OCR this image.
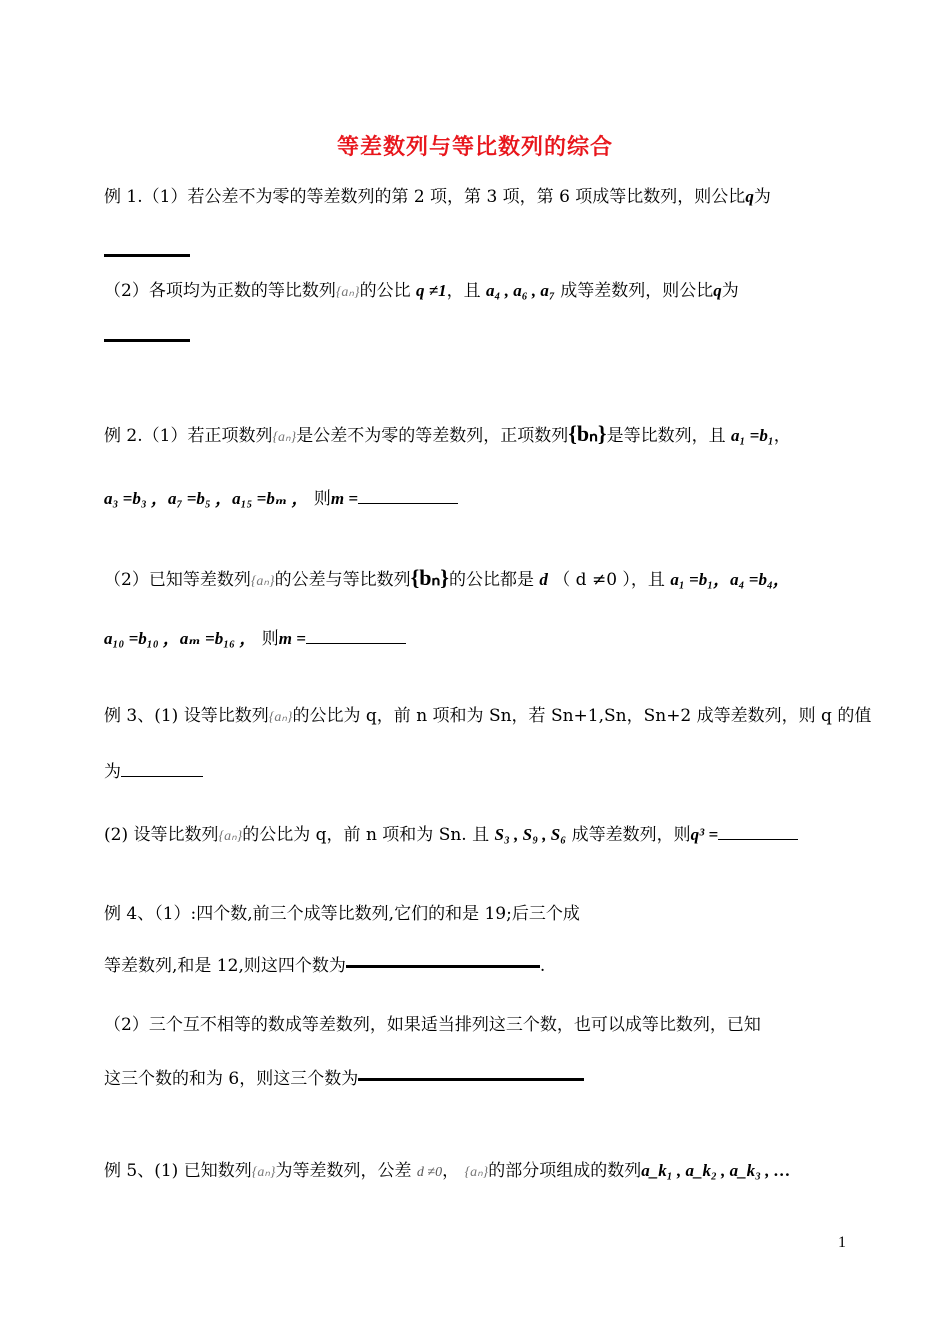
等差数列与等比数列的综合
例 1.（1）若公差不为零的等差数列的第 2 项，第 3 项，第 6 项成等比数列，则公比q为
（2）各项均为正数的等比数列{aₙ}的公比 q ≠1，且 a₄ , a₆ , a₇ 成等差数列，则公比q为
例 2.（1）若正项数列{aₙ}是公差不为零的等差数列，正项数列{bₙ}是等比数列，且 a₁ =b₁，
a₃ =b₃ ，a₇ =b₅ ，a₁₅ =bₘ ， 则m =
（2）已知等差数列{aₙ}的公差与等比数列{bₙ}的公比都是 d （ d ≠0 ），且 a₁ =b₁，a₄ =b₄，
a₁₀ =b₁₀ ，aₘ =b₁₆ ， 则m =
例 3、(1) 设等比数列{aₙ}的公比为 q，前 n 项和为 Sn，若 Sn+1,Sn，Sn+2 成等差数列，则 q 的值
为
(2) 设等比数列{aₙ}的公比为 q，前 n 项和为 Sn. 且 S₃ , S₉ , S₆ 成等差数列，则q³ =
例 4、（1）:四个数,前三个成等比数列,它们的和是 19;后三个成
等差数列,和是 12,则这四个数为	.
（2）三个互不相等的数成等差数列，如果适当排列这三个数，也可以成等比数列，已知
这三个数的和为 6，则这三个数为
例 5、(1) 已知数列{aₙ}为等差数列，公差 d ≠0， {aₙ}的部分项组成的数列a_k₁ , a_k₂ , a_k₃ , …
1
